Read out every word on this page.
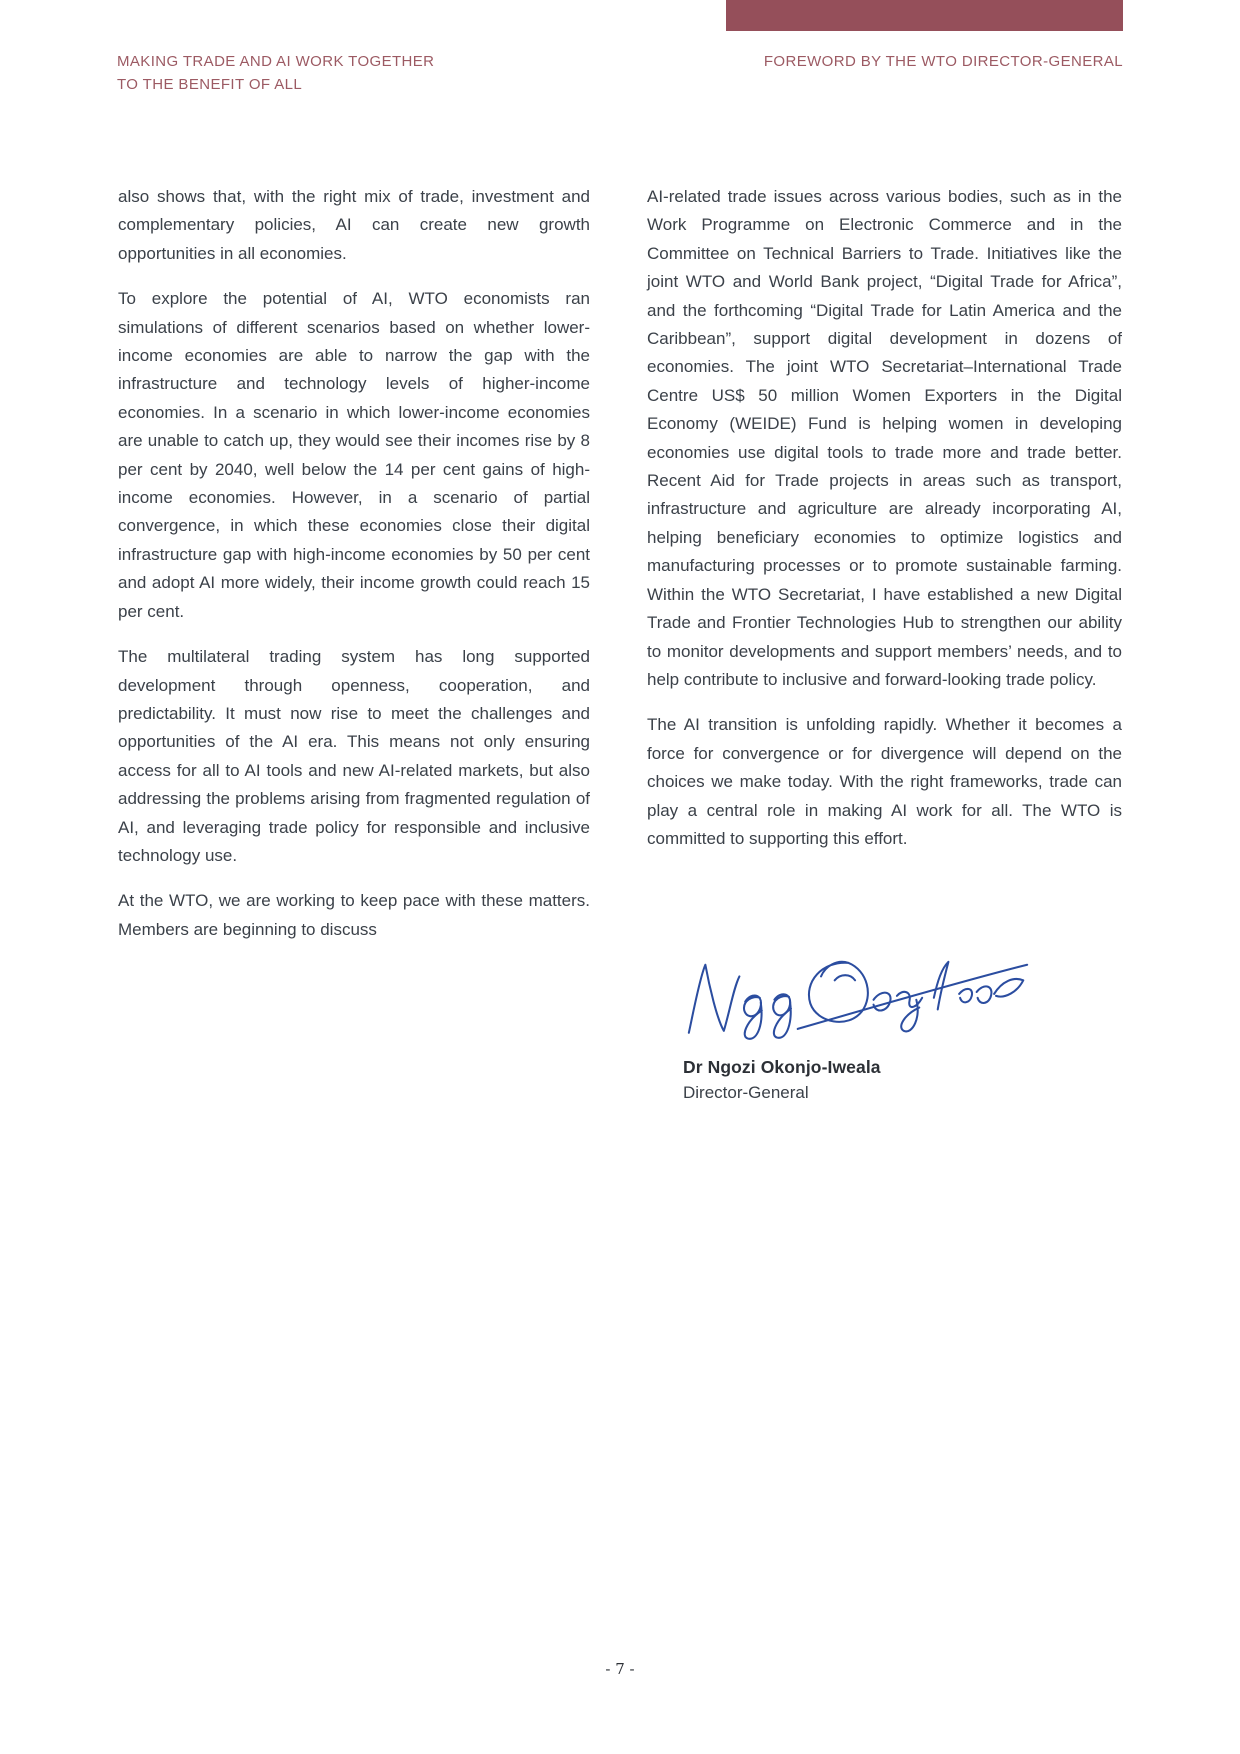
MAKING TRADE AND AI WORK TOGETHER
TO THE BENEFIT OF ALL
FOREWORD BY THE WTO DIRECTOR-GENERAL

also shows that, with the right mix of trade, investment and complementary policies, AI can create new growth opportunities in all economies.

To explore the potential of AI, WTO economists ran simulations of different scenarios based on whether lower-income economies are able to narrow the gap with the infrastructure and technology levels of higher-income economies. In a scenario in which lower-income economies are unable to catch up, they would see their incomes rise by 8 per cent by 2040, well below the 14 per cent gains of high-income economies. However, in a scenario of partial convergence, in which these economies close their digital infrastructure gap with high-income economies by 50 per cent and adopt AI more widely, their income growth could reach 15 per cent.

The multilateral trading system has long supported development through openness, cooperation, and predictability. It must now rise to meet the challenges and opportunities of the AI era. This means not only ensuring access for all to AI tools and new AI-related markets, but also addressing the problems arising from fragmented regulation of AI, and leveraging trade policy for responsible and inclusive technology use.

At the WTO, we are working to keep pace with these matters. Members are beginning to discuss

AI-related trade issues across various bodies, such as in the Work Programme on Electronic Commerce and in the Committee on Technical Barriers to Trade. Initiatives like the joint WTO and World Bank project, “Digital Trade for Africa”, and the forthcoming “Digital Trade for Latin America and the Caribbean”, support digital development in dozens of economies. The joint WTO Secretariat–International Trade Centre US$ 50 million Women Exporters in the Digital Economy (WEIDE) Fund is helping women in developing economies use digital tools to trade more and trade better. Recent Aid for Trade projects in areas such as transport, infrastructure and agriculture are already incorporating AI, helping beneficiary economies to optimize logistics and manufacturing processes or to promote sustainable farming. Within the WTO Secretariat, I have established a new Digital Trade and Frontier Technologies Hub to strengthen our ability to monitor developments and support members’ needs, and to help contribute to inclusive and forward-looking trade policy.

The AI transition is unfolding rapidly. Whether it becomes a force for convergence or for divergence will depend on the choices we make today. With the right frameworks, trade can play a central role in making AI work for all. The WTO is committed to supporting this effort.

Dr Ngozi Okonjo-Iweala
Director-General
- 7 -
